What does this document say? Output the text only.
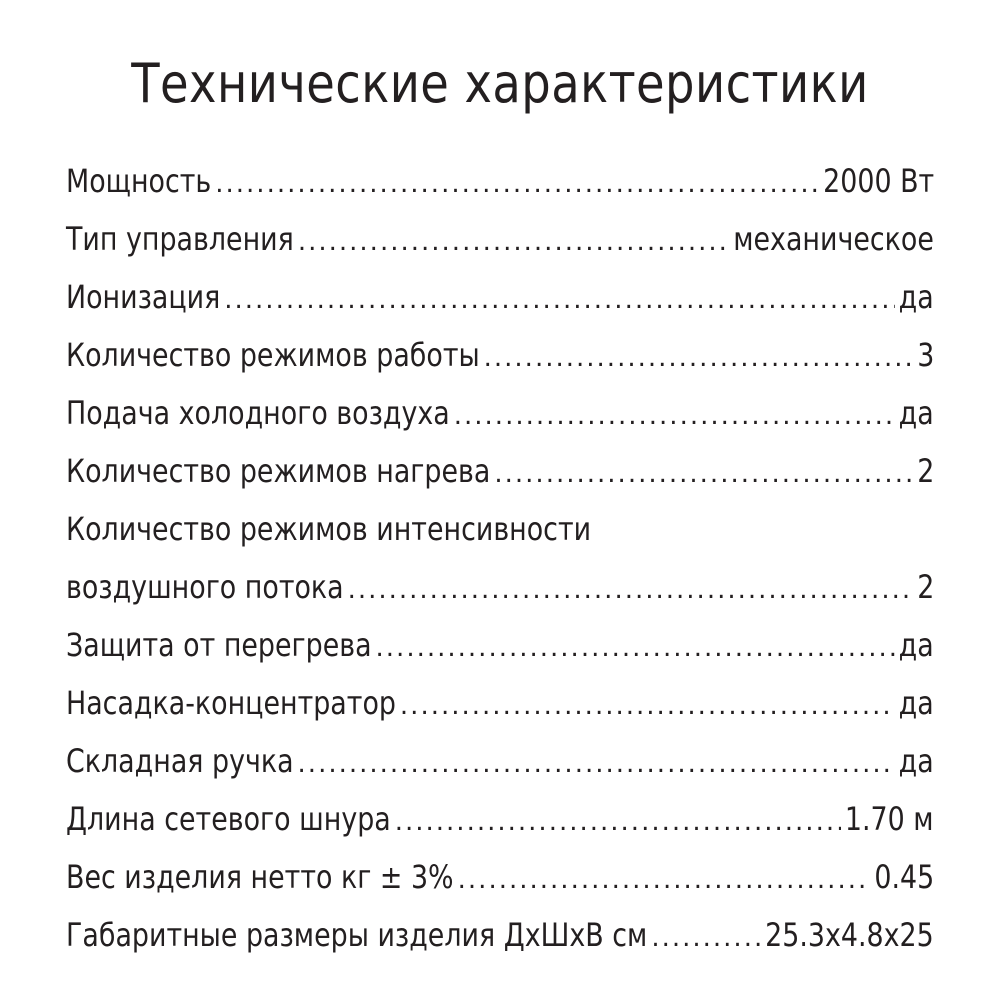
Технические характеристики
Мощность .....	2000 Вт
Тип управления .....	механическое
Ионизация .....	да
Количество режимов работы .....	3
Подача холодного воздуха .....	да
Количество режимов нагрева .....	2
Количество режимов интенсивности
воздушного потока .....	2
Защита от перегрева .....	да
Насадка-концентратор .....	да
Складная ручка .....	да
Длина сетевого шнура .....	1.70 м
Вес изделия нетто кг ± 3% .....	0.45
Габаритные размеры изделия ДхШхВ см .....	25.3x4.8x25
